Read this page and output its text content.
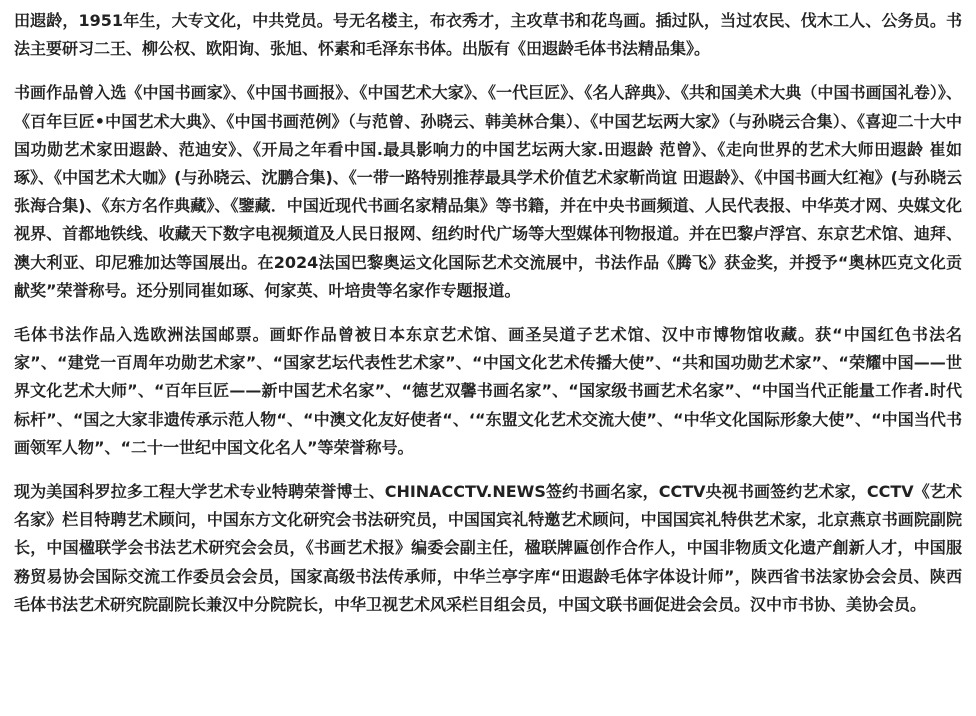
田遐龄，1951年生，大专文化，中共党员。号无名楼主，布衣秀才，主攻草书和花鸟画。插过队，当过农民、伐木工人、公务员。书法主要研习二王、柳公权、欧阳询、张旭、怀素和毛泽东书体。出版有《田遐龄毛体书法精品集》。

书画作品曾入选《中国书画家》、《中国书画报》、《中国艺术大家》、《一代巨匠》、《名人辞典》、《共和国美术大典（中国书画国礼卷）》、《百年巨匠•中国艺术大典》、《中国书画范例》（与范曾、孙晓云、韩美林合集）、《中国艺坛两大家》（与孙晓云合集）、《喜迎二十大中国功勋艺术家田遐龄、范迪安》、《开局之年看中国.最具影响力的中国艺坛两大家.田遐龄 范曾》、《走向世界的艺术大师田遐龄 崔如琢》、《中国艺术大咖》(与孙晓云、沈鹏合集)、《一带一路特别推荐最具学术价值艺术家靳尚谊 田遐龄》、《中国书画大红袍》(与孙晓云 张海合集)、《东方名作典藏》、《鑒藏．中国近现代书画名家精品集》等书籍，并在中央书画频道、人民代表报、中华英才网、央媒文化视界、首都地铁线、收藏天下数字电视频道及人民日报网、纽约时代广场等大型媒体刊物报道。并在巴黎卢浮宫、东京艺术馆、迪拜、澳大利亚、印尼雅加达等国展出。在2024法国巴黎奥运文化国际艺术交流展中，书法作品《腾飞》获金奖，并授予“奥林匹克文化贡献奖”荣誉称号。还分别同崔如琢、何家英、叶培贵等名家作专题报道。

毛体书法作品入选欧洲法国邮票。画虾作品曾被日本东京艺术馆、画圣吴道子艺术馆、汉中市博物馆收藏。获“中国红色书法名家”、“建党一百周年功勋艺术家”、“国家艺坛代表性艺术家”、“中国文化艺术传播大使”、“共和国功勋艺术家”、“荣耀中国——世界文化艺术大师”、“百年巨匠——新中国艺术名家”、“德艺双馨书画名家”、“国家级书画艺术名家”、“中国当代正能量工作者.时代标杆”、“国之大家非遗传承示范人物“、“中澳文化友好使者“、‘“东盟文化艺术交流大使”、“中华文化国际形象大使”、“中国当代书画领军人物”、“二十一世纪中国文化名人”等荣誉称号。

现为美国科罗拉多工程大学艺术专业特聘荣誉博士、CHINACCTV.NEWS签约书画名家，CCTV央视书画签约艺术家，CCTV《艺术名家》栏目特聘艺术顾问，中国东方文化研究会书法研究员，中国国宾礼特邀艺术顾问，中国国宾礼特供艺术家，北京燕京书画院副院长，中国楹联学会书法艺术研究会会员，《书画艺术报》编委会副主任，楹联牌匾创作合作人，中国非物质文化遗产創新人才，中国服務贸易协会国际交流工作委员会会员，国家高级书法传承师，中华兰亭字库“田遐龄毛体字体设计师”，陕西省书法家协会会员、陕西毛体书法艺术研究院副院长兼汉中分院院长，中华卫视艺术风采栏目组会员，中国文联书画促进会会员。汉中市书协、美协会员。
